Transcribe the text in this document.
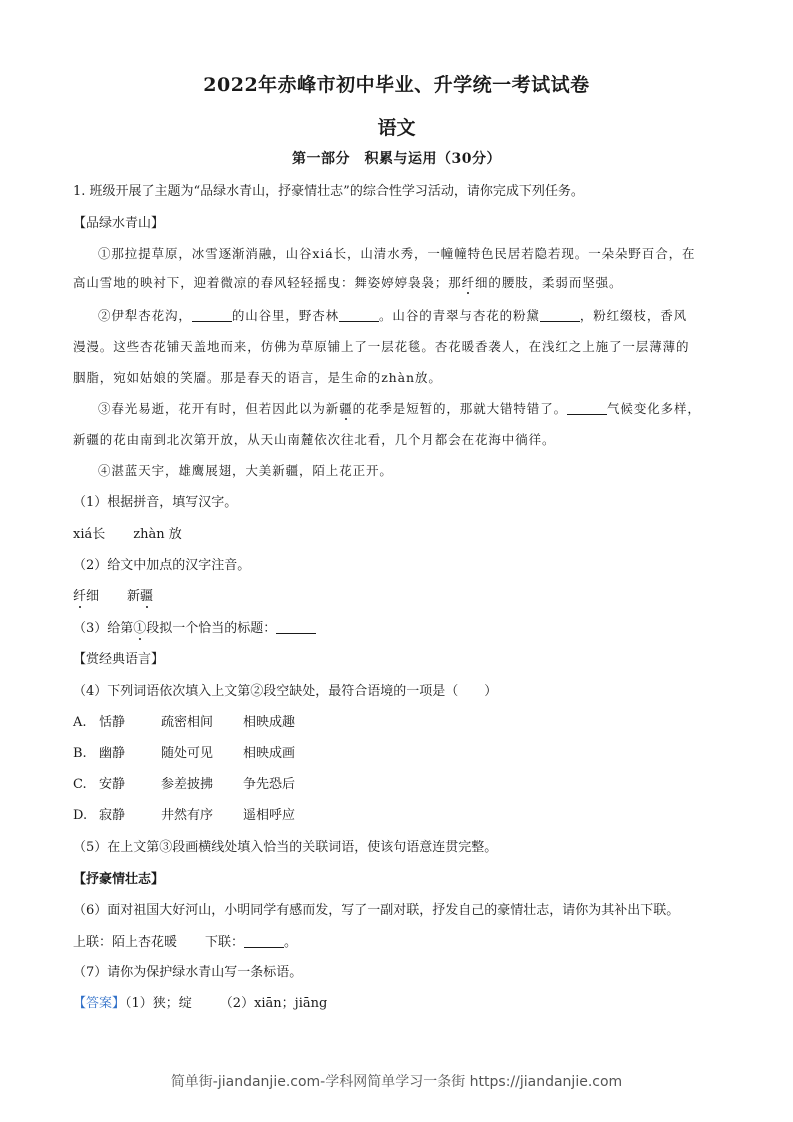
2022年赤峰市初中毕业、升学统一考试试卷
语文
第一部分　积累与运用（30分）
1. 班级开展了主题为“品绿水青山，抒豪情壮志”的综合性学习活动，请你完成下列任务。
【品绿水青山】
①那拉提草原，冰雪逐渐消融，山谷xiá长，山清水秀，一幢幢特色民居若隐若现。一朵朵野百合，在
高山雪地的映衬下，迎着微凉的春风轻轻摇曳：舞姿婷婷袅袅；那纤细的腰肢，柔弱而坚强。
②伊犁杏花沟，	的山谷里，野杏林	。山谷的青翠与杏花的粉黛	，粉红缀枝，香风
漫漫。这些杏花铺天盖地而来，仿佛为草原铺上了一层花毯。杏花暖香袭人，在浅红之上施了一层薄薄的
胭脂，宛如姑娘的笑靥。那是春天的语言，是生命的zhàn放。
③春光易逝，花开有时，但若因此以为新疆的花季是短暂的，那就大错特错了。	气候变化多样，
新疆的花由南到北次第开放，从天山南麓依次往北看，几个月都会在花海中徜徉。
④湛蓝天宇，雄鹰展翅，大美新疆，陌上花正开。
（1）根据拼音，填写汉字。
xiá长 zhàn 放
（2）给文中加点的汉字注音。
纤细 新疆
（3）给第①段拟一个恰当的标题：
【赏经典语言】
（4）下列词语依次填入上文第②段空缺处，最符合语境的一项是（　　）
A. 恬静	疏密相间 相映成趣
B. 幽静	随处可见 相映成画
C. 安静	参差披拂 争先恐后
D. 寂静	井然有序 遥相呼应
（5）在上文第③段画横线处填入恰当的关联词语，使该句语意连贯完整。
【抒豪情壮志】
（6）面对祖国大好河山，小明同学有感而发，写了一副对联，抒发自己的豪情壮志，请你为其补出下联。
上联：陌上杏花暖 下联：	。
（7）请你为保护绿水青山写一条标语。
【答案】（1）狭；绽 （2）xiān；jiāng
简单街-jiandanjie.com-学科网简单学习一条街 https://jiandanjie.com
